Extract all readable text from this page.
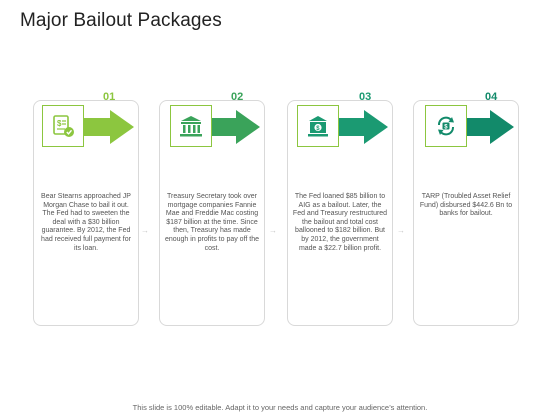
Major Bailout Packages
$
01
Bear Stearns approached JP Morgan Chase to bail it out. The Fed had to sweeten the deal with a $30 billion guarantee. By 2012, the Fed had received full payment for its loan.
→
02
Treasury Secretary took over mortgage companies Fannie Mae and Freddie Mac costing $187 billion at the time. Since then, Treasury has made enough in profits to pay off the cost.
→
$
03
The Fed loaned $85 billion to AIG as a bailout. Later, the Fed and Treasury restructured the bailout and total cost ballooned to $182 billion. But by 2012, the government made a $22.7 billion profit.
→
$
04
TARP (Troubled Asset Relief Fund) disbursed $442.6 Bn to banks for bailout.
This slide is 100% editable. Adapt it to your needs and capture your audience’s attention.
